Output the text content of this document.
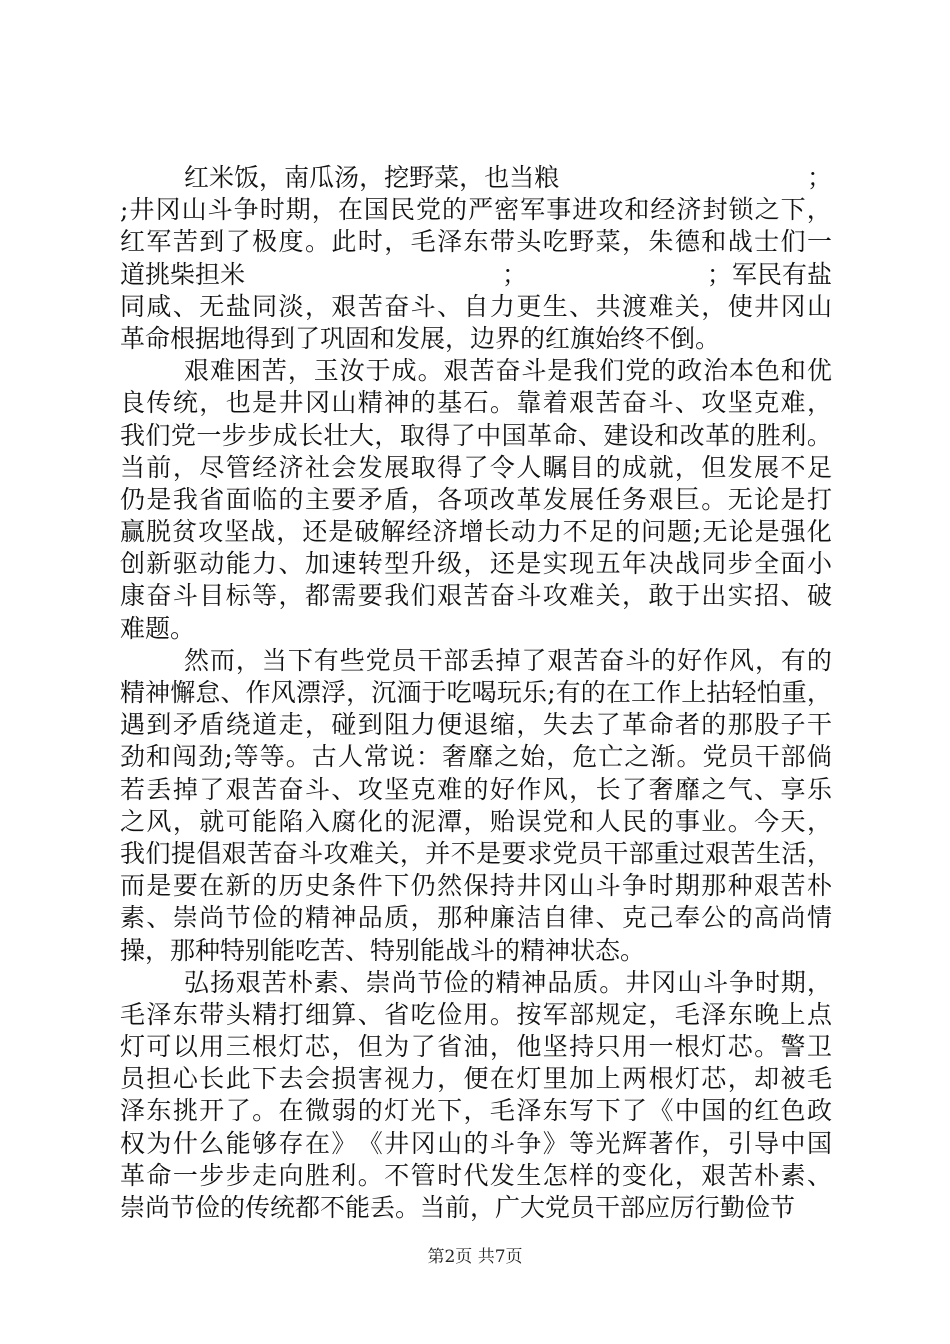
红 米 饭 ， 南 瓜 汤 ， 挖 野 菜 ， 也 当 粮	；
; 井 冈 山 斗 争 时 期 ， 在 国 民 党 的 严 密 军 事 进 攻 和 经 济 封 锁 之 下 ，
红 军 苦 到 了 极 度 。 此 时 ， 毛 泽 东 带 头 吃 野 菜 ， 朱 德 和 战 士 们 一
道 挑 柴 担 米	；	； 军 民 有 盐
同 咸 、 无 盐 同 淡 ， 艰 苦 奋 斗 、 自 力 更 生 、 共 渡 难 关 ， 使 井 冈 山
革命根据地得到了巩固和发展，边界的红旗始终不倒。
艰 难 困 苦 ， 玉 汝 于 成 。 艰 苦 奋 斗 是 我 们 党 的 政 治 本 色 和 优
良 传 统 ， 也 是 井 冈 山 精 神 的 基 石 。 靠 着 艰 苦 奋 斗 、 攻 坚 克 难 ，
我 们 党 一 步 步 成 长 壮 大 ， 取 得 了 中 国 革 命 、 建 设 和 改 革 的 胜 利 。
当 前 ， 尽 管 经 济 社 会 发 展 取 得 了 令 人 瞩 目 的 成 就 ， 但 发 展 不 足
仍 是 我 省 面 临 的 主 要 矛 盾 ， 各 项 改 革 发 展 任 务 艰 巨 。 无 论 是 打
赢 脱 贫 攻 坚 战 ， 还 是 破 解 经 济 增 长 动 力 不 足 的 问 题 ; 无 论 是 强 化
创 新 驱 动 能 力 、 加 速 转 型 升 级 ， 还 是 实 现 五 年 决 战 同 步 全 面 小
康 奋 斗 目 标 等 ， 都 需 要 我 们 艰 苦 奋 斗 攻 难 关 ， 敢 于 出 实 招 、 破
难题。
然 而 ， 当 下 有 些 党 员 干 部 丢 掉 了 艰 苦 奋 斗 的 好 作 风 ， 有 的
精 神 懈 怠 、 作 风 漂 浮 ， 沉 湎 于 吃 喝 玩 乐 ; 有 的 在 工 作 上 拈 轻 怕 重 ，
遇 到 矛 盾 绕 道 走 ， 碰 到 阻 力 便 退 缩 ， 失 去 了 革 命 者 的 那 股 子 干
劲 和 闯 劲 ; 等 等 。 古 人 常 说 ： 奢 靡 之 始 ， 危 亡 之 渐 。 党 员 干 部 倘
若 丢 掉 了 艰 苦 奋 斗 、 攻 坚 克 难 的 好 作 风 ， 长 了 奢 靡 之 气 、 享 乐
之 风 ， 就 可 能 陷 入 腐 化 的 泥 潭 ， 贻 误 党 和 人 民 的 事 业 。 今 天 ，
我 们 提 倡 艰 苦 奋 斗 攻 难 关 ， 并 不 是 要 求 党 员 干 部 重 过 艰 苦 生 活 ，
而 是 要 在 新 的 历 史 条 件 下 仍 然 保 持 井 冈 山 斗 争 时 期 那 种 艰 苦 朴
素 、 崇 尚 节 俭 的 精 神 品 质 ， 那 种 廉 洁 自 律 、 克 己 奉 公 的 高 尚 情
操，那种特别能吃苦、特别能战斗的精神状态。
弘 扬 艰 苦 朴 素 、 崇 尚 节 俭 的 精 神 品 质 。 井 冈 山 斗 争 时 期 ，
毛 泽 东 带 头 精 打 细 算 、 省 吃 俭 用 。 按 军 部 规 定 ， 毛 泽 东 晚 上 点
灯 可 以 用 三 根 灯 芯 ， 但 为 了 省 油 ， 他 坚 持 只 用 一 根 灯 芯 。 警 卫
员 担 心 长 此 下 去 会 损 害 视 力 ， 便 在 灯 里 加 上 两 根 灯 芯 ， 却 被 毛
泽 东 挑 开 了 。 在 微 弱 的 灯 光 下 ， 毛 泽 东 写 下 了 《 中 国 的 红 色 政
权 为 什 么 能 够 存 在 》 《 井 冈 山 的 斗 争 》 等 光 辉 著 作 ， 引 导 中 国
革 命 一 步 步 走 向 胜 利 。 不 管 时 代 发 生 怎 样 的 变 化 ， 艰 苦 朴 素 、
崇尚节俭的传统都不能丢。当前，广大党员干部应厉行勤俭节
第2页 共7页
